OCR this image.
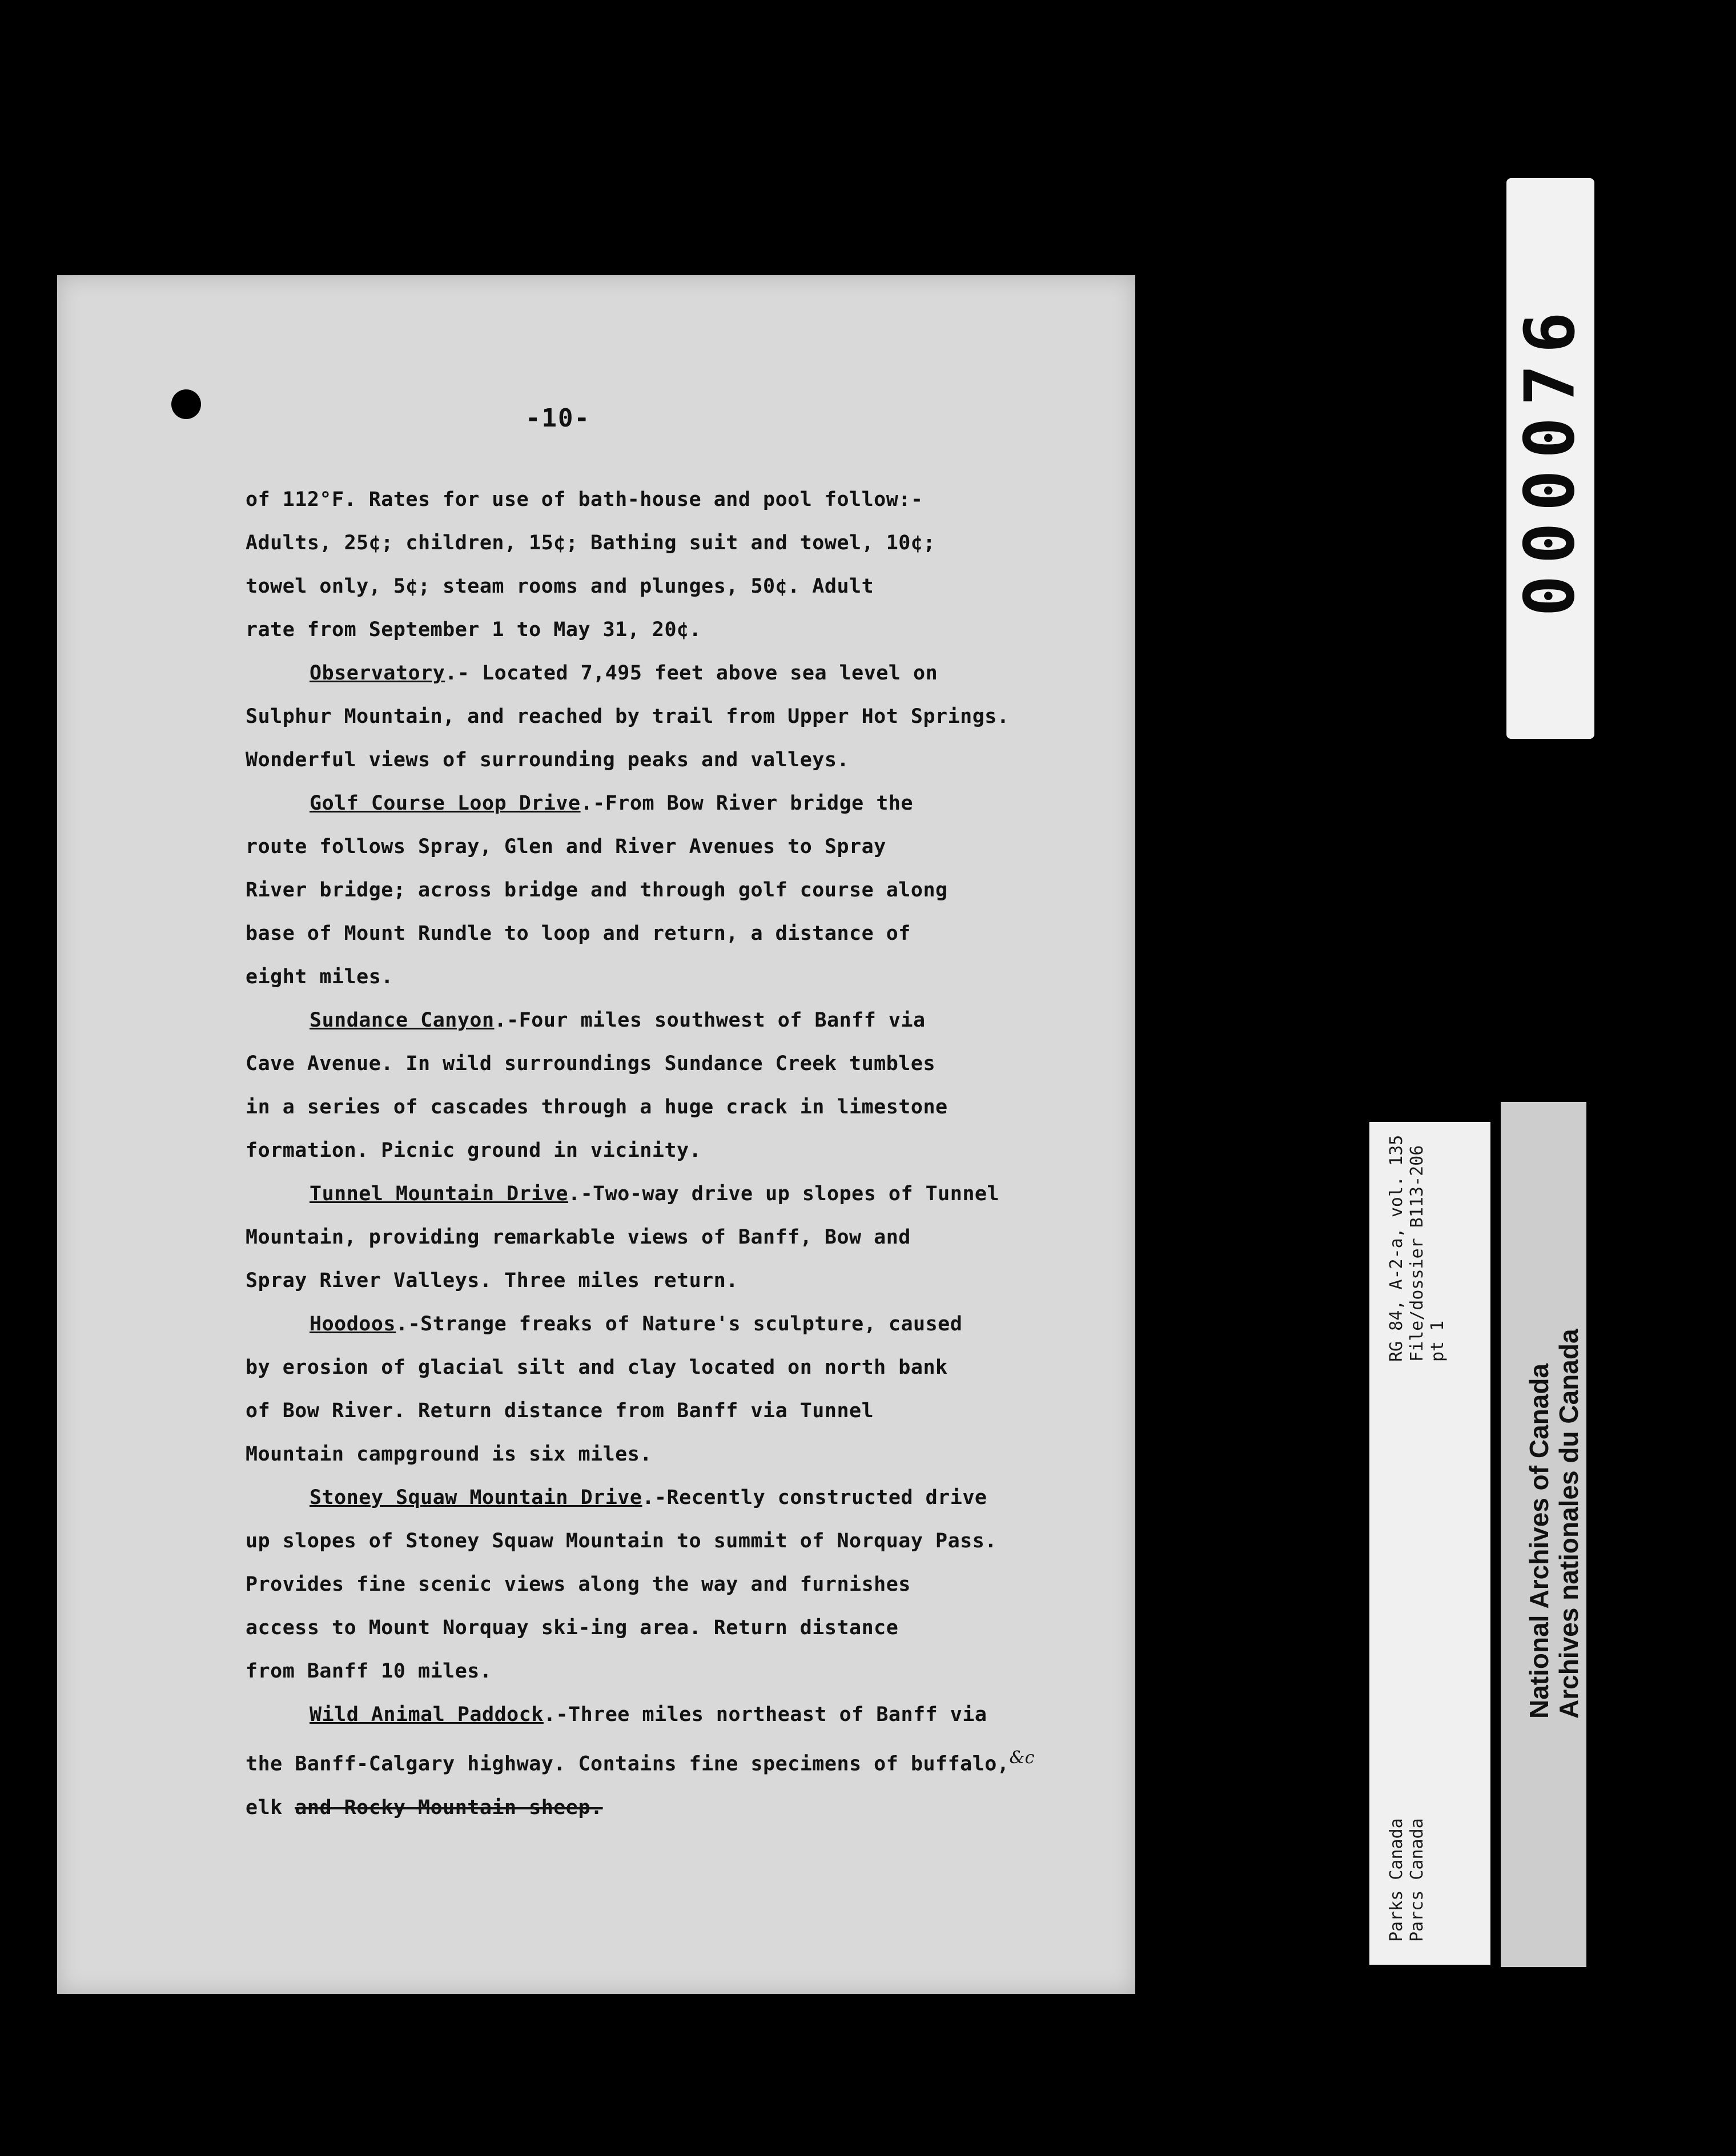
-10-

of 112°F. Rates for use of bath-house and pool follow:-
Adults, 25¢; children, 15¢; Bathing suit and towel, 10¢;
towel only, 5¢; steam rooms and plunges, 50¢. Adult
rate from September 1 to May 31, 20¢.

Observatory.- Located 7,495 feet above sea level on
Sulphur Mountain, and reached by trail from Upper Hot Springs.
Wonderful views of surrounding peaks and valleys.

Golf Course Loop Drive.-From Bow River bridge the
route follows Spray, Glen and River Avenues to Spray
River bridge; across bridge and through golf course along
base of Mount Rundle to loop and return, a distance of
eight miles.

Sundance Canyon.-Four miles southwest of Banff via
Cave Avenue. In wild surroundings Sundance Creek tumbles
in a series of cascades through a huge crack in limestone
formation. Picnic ground in vicinity.

Tunnel Mountain Drive.-Two-way drive up slopes of Tunnel
Mountain, providing remarkable views of Banff, Bow and
Spray River Valleys. Three miles return.

Hoodoos.-Strange freaks of Nature's sculpture, caused
by erosion of glacial silt and clay located on north bank
of Bow River. Return distance from Banff via Tunnel
Mountain campground is six miles.

Stoney Squaw Mountain Drive.-Recently constructed drive
up slopes of Stoney Squaw Mountain to summit of Norquay Pass.
Provides fine scenic views along the way and furnishes
access to Mount Norquay ski-ing area. Return distance
from Banff 10 miles.

Wild Animal Paddock.-Three miles northeast of Banff via
the Banff-Calgary highway. Contains fine specimens of buffalo,&c
elk and Rocky Mountain sheep.

000076
RG 84, A-2-a, vol. 135 File/dossier B113-206 pt 1
Parks Canada Parcs Canada
National Archives of Canada Archives nationales du Canada
